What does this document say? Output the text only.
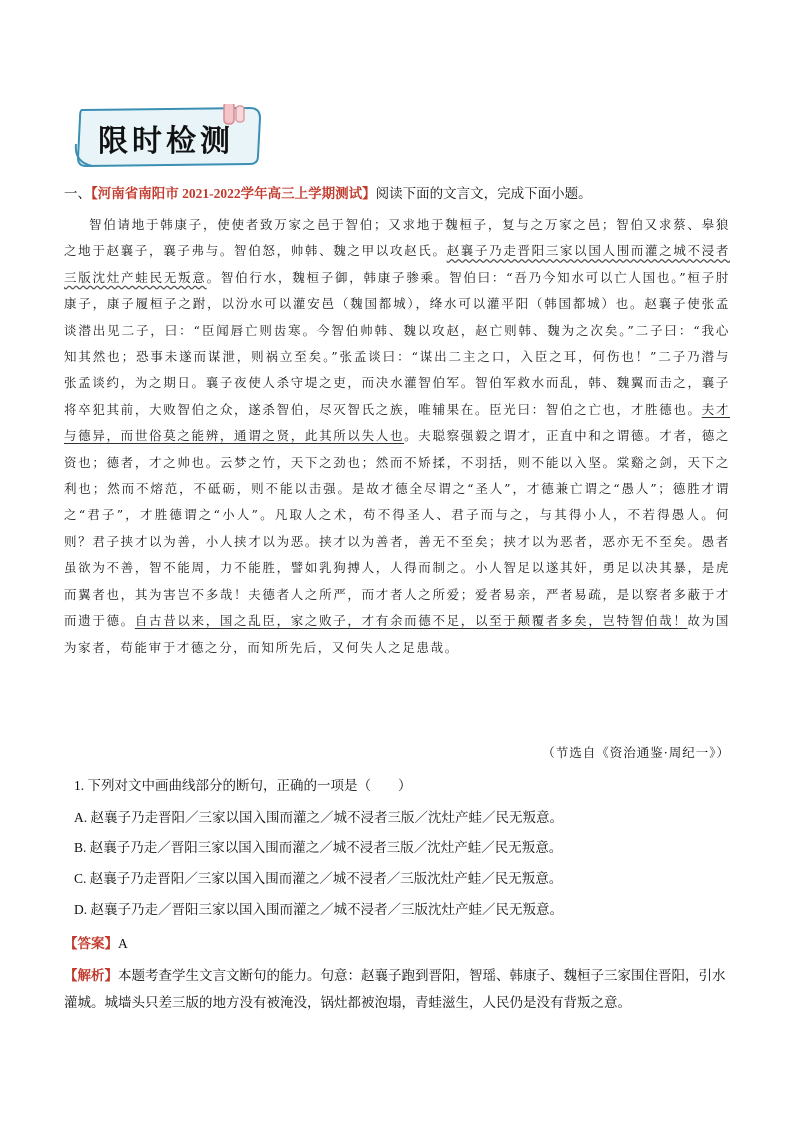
限时检测
一、【河南省南阳市 2021-2022学年高三上学期测试】阅读下面的文言文，完成下面小题。
智伯请地于韩康子，使使者致万家之邑于智伯；又求地于魏桓子，复与之万家之邑；智伯又求蔡、皋狼之地于赵襄子，襄子弗与。智伯怒，帅韩、魏之甲以攻赵氏。赵襄子乃走晋阳三家以国人围而灌之城不浸者三版沈灶产蛙民无叛意。智伯行水，魏桓子御，韩康子骖乘。智伯曰：“吾乃今知水可以亡人国也。”桓子肘康子，康子履桓子之跗，以汾水可以灌安邑（魏国都城），绛水可以灌平阳（韩国都城）也。赵襄子使张孟谈潜出见二子，曰：“臣闻唇亡则齿寒。今智伯帅韩、魏以攻赵，赵亡则韩、魏为之次矣。”二子曰：“我心知其然也；恐事未遂而谋泄，则祸立至矣。”张孟谈曰：“谋出二主之口，入臣之耳，何伤也！”二子乃潜与张孟谈约，为之期日。襄子夜使人杀守堤之吏，而决水灌智伯军。智伯军救水而乱，韩、魏翼而击之，襄子将卒犯其前，大败智伯之众，遂杀智伯，尽灭智氏之族，唯辅果在。臣光曰：智伯之亡也，才胜德也。夫才与德异，而世俗莫之能辨，通谓之贤，此其所以失人也。夫聪察强毅之谓才，正直中和之谓德。才者，德之资也；德者，才之帅也。云梦之竹，天下之劲也；然而不矫揉，不羽括，则不能以入坚。棠谿之剑，天下之利也；然而不熔范，不砥砺，则不能以击强。是故才德全尽谓之“圣人”，才德兼亡谓之“愚人”；德胜才谓之“君子”，才胜德谓之“小人”。凡取人之术，苟不得圣人、君子而与之，与其得小人，不若得愚人。何则？君子挟才以为善，小人挟才以为恶。挟才以为善者，善无不至矣；挟才以为恶者，恶亦无不至矣。愚者虽欲为不善，智不能周，力不能胜，譬如乳狗搏人，人得而制之。小人智足以遂其奸，勇足以决其暴，是虎而翼者也，其为害岂不多哉！夫德者人之所严，而才者人之所爱；爱者易亲，严者易疏，是以察者多蔽于才而遗于德。自古昔以来，国之乱臣，家之败子，才有余而德不足，以至于颠覆者多矣，岂特智伯哉！故为国为家者，苟能审于才德之分，而知所先后，又何失人之足患哉。
（节选自《资治通鉴·周纪一》）
1. 下列对文中画曲线部分的断句，正确的一项是（　　）
A. 赵襄子乃走晋阳／三家以国入围而灌之／城不浸者三版／沈灶产蛙／民无叛意。
B. 赵襄子乃走／晋阳三家以国入围而灌之／城不浸者三版／沈灶产蛙／民无叛意。
C. 赵襄子乃走晋阳／三家以国入围而灌之／城不浸者／三版沈灶产蛙／民无叛意。
D. 赵襄子乃走／晋阳三家以国入围而灌之／城不浸者／三版沈灶产蛙／民无叛意。
【答案】A
【解析】本题考查学生文言文断句的能力。句意：赵襄子跑到晋阳，智瑶、韩康子、魏桓子三家围住晋阳，引水灌城。城墙头只差三版的地方没有被淹没，锅灶都被泡塌，青蛙滋生，人民仍是没有背叛之意。
